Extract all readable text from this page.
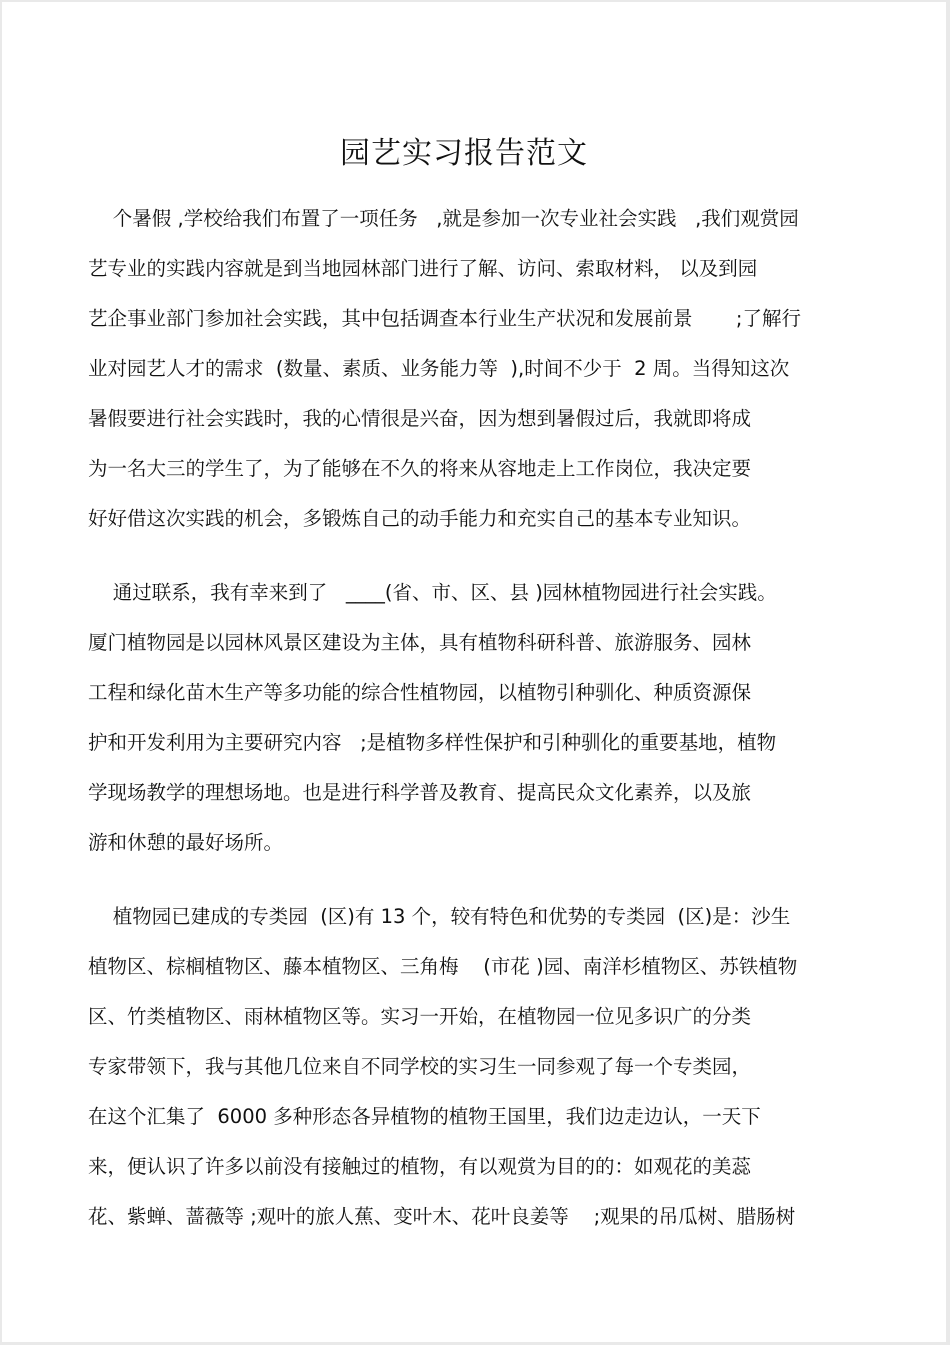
园艺实习报告范文
个暑假 ,学校给我们布置了一项任务   ,就是参加一次专业社会实践   ,我们观赏园
艺专业的实践内容就是到当地园林部门进行了解、访问、索取材料， 以及到园
艺企事业部门参加社会实践，其中包括调查本行业生产状况和发展前景       ;了解行
业对园艺人才的需求  (数量、素质、业务能力等  ),时间不少于  2 周。当得知这次
暑假要进行社会实践时，我的心情很是兴奋，因为想到暑假过后，我就即将成
为一名大三的学生了，为了能够在不久的将来从容地走上工作岗位，我决定要
好好借这次实践的机会，多锻炼自己的动手能力和充实自己的基本专业知识。
通过联系，我有幸来到了   ____(省、市、区、县 )园林植物园进行社会实践。
厦门植物园是以园林风景区建设为主体，具有植物科研科普、旅游服务、园林
工程和绿化苗木生产等多功能的综合性植物园，以植物引种驯化、种质资源保
护和开发利用为主要研究内容   ;是植物多样性保护和引种驯化的重要基地，植物
学现场教学的理想场地。也是进行科学普及教育、提高民众文化素养，以及旅
游和休憩的最好场所。
植物园已建成的专类园  (区)有 13 个，较有特色和优势的专类园  (区)是：沙生
植物区、棕榈植物区、藤本植物区、三角梅    (市花 )园、南洋杉植物区、苏铁植物
区、竹类植物区、雨林植物区等。实习一开始，在植物园一位见多识广的分类
专家带领下，我与其他几位来自不同学校的实习生一同参观了每一个专类园，
在这个汇集了  6000 多种形态各异植物的植物王国里，我们边走边认，一天下
来，便认识了许多以前没有接触过的植物，有以观赏为目的的：如观花的美蕊
花、紫蝉、蔷薇等 ;观叶的旅人蕉、变叶木、花叶良姜等    ;观果的吊瓜树、腊肠树
